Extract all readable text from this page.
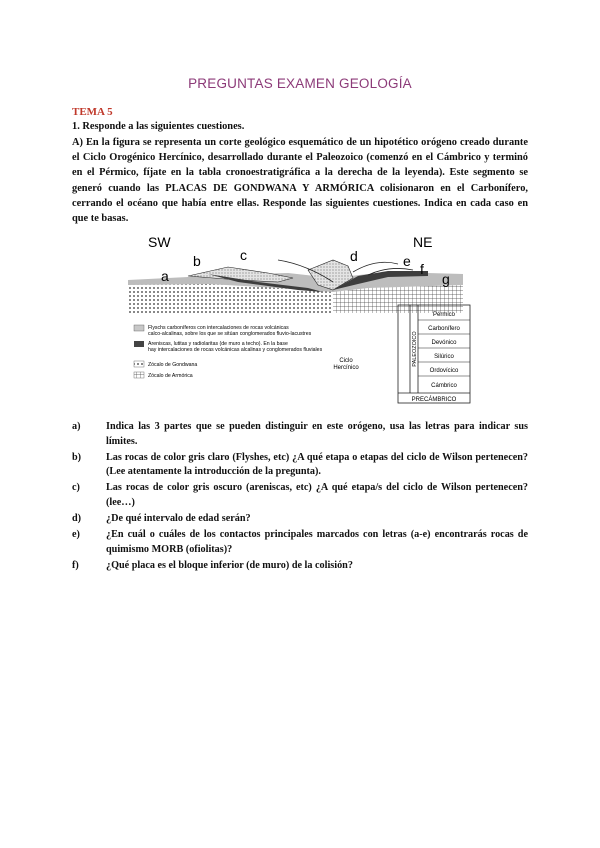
PREGUNTAS EXAMEN GEOLOGÍA
TEMA 5
1. Responde a las siguientes cuestiones.
A) En la figura se representa un corte geológico esquemático de un hipotético orógeno creado durante el Ciclo Orogénico Hercínico, desarrollado durante el Paleozoico (comenzó en el Cámbrico y terminó en el Pérmico, fíjate en la tabla cronoestratigráfica a la derecha de la leyenda). Este segmento se generó cuando las PLACAS DE GONDWANA Y ARMÓRICA colisionaron en el Carbonífero, cerrando el océano que había entre ellas. Responde las siguientes cuestiones. Indica en cada caso en que te basas.
SW	NE
a
b	c	d	e f
g
Flyschs carboníferos con intercalaciones de rocas volcánicas
calco-alcalinas, sobre los que se sitúan conglomerados fluvio-lacustres
Areniscas, lutitas y radiolaritas (de muro a techo). En la base
hay intercalaciones de rocas volcánicas alcalinas y conglomerados fluviales
Zócalo de Gondwana
Zócalo de Armórica
Ciclo
Hercínico
PALEOZOICO
Pérmico
Carbonífero
Devónico
Silúrico
Ordovícico
Cámbrico
PRECÁMBRICO
a)	Indica las 3 partes que se pueden distinguir en este orógeno, usa las letras para indicar sus límites.
b)	Las rocas de color gris claro (Flyshes, etc) ¿A qué etapa o etapas del ciclo de Wilson pertenecen? (Lee atentamente la introducción de la pregunta).
c)	Las rocas de color gris oscuro (areniscas, etc) ¿A qué etapa/s del ciclo de Wilson pertenecen? (lee…)
d)	¿De qué intervalo de edad serán?
e)	¿En cuál o cuáles de los contactos principales marcados con letras (a-e) encontrarás rocas de quimismo MORB (ofiolitas)?
f)	¿Qué placa es el bloque inferior (de muro) de la colisión?
